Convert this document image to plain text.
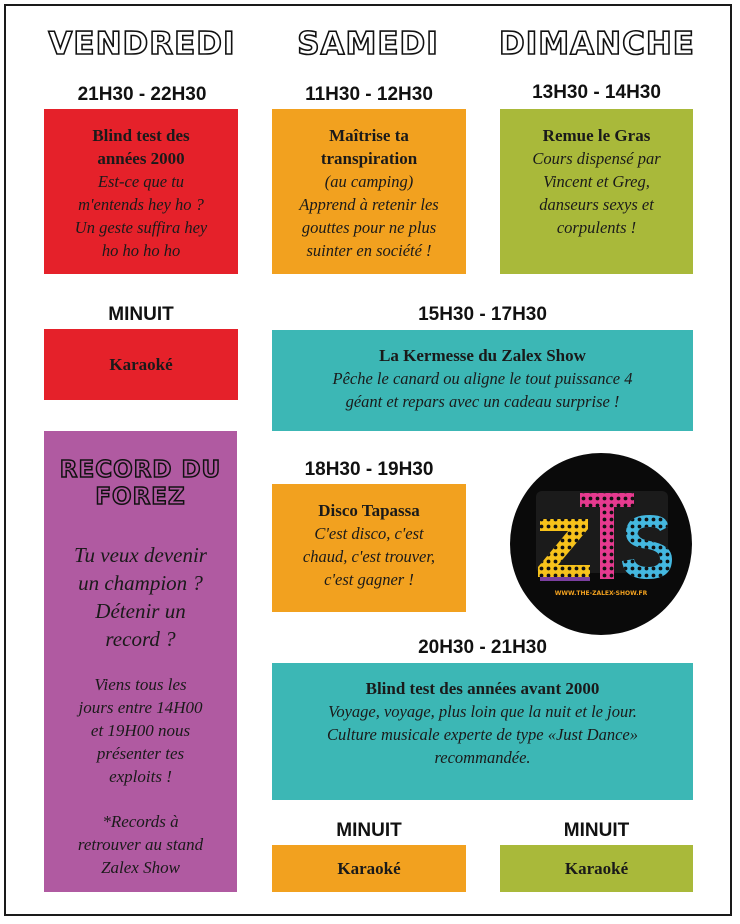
VENDREDI	SAMEDI	DIMANCHE
21H30 - 22H30	11H30 - 12H30	13H30 - 14H30
Blind test des
années 2000
Est-ce que tu
m'entends hey ho ?
Un geste suffira hey
ho ho ho ho
Maîtrise ta
transpiration
(au camping)
Apprend à retenir les
gouttes pour ne plus
suinter en société !
Remue le Gras
Cours dispensé par
Vincent et Greg,
danseurs sexys et
corpulents !
MINUIT	15H30 - 17H30
Karaoké	La Kermesse du Zalex Show
Pêche le canard ou aligne le tout puissance 4
géant et repars avec un cadeau surprise !
RECORD DU
FOREZ
Tu veux devenir
un champion ?
Détenir un
record ?
Viens tous les
jours entre 14H00
et 19H00 nous
présenter tes
exploits !
*Records à
retrouver au stand
Zalex Show
18H30 - 19H30
Disco Tapassa
C'est disco, c'est
chaud, c'est trouver,
c'est gagner !
WWW.THE-ZALEX-SHOW.FR
20H30 - 21H30
Blind test des années avant 2000
Voyage, voyage, plus loin que la nuit et le jour.
Culture musicale experte de type «Just Dance»
recommandée.
MINUIT	MINUIT
Karaoké	Karaoké
